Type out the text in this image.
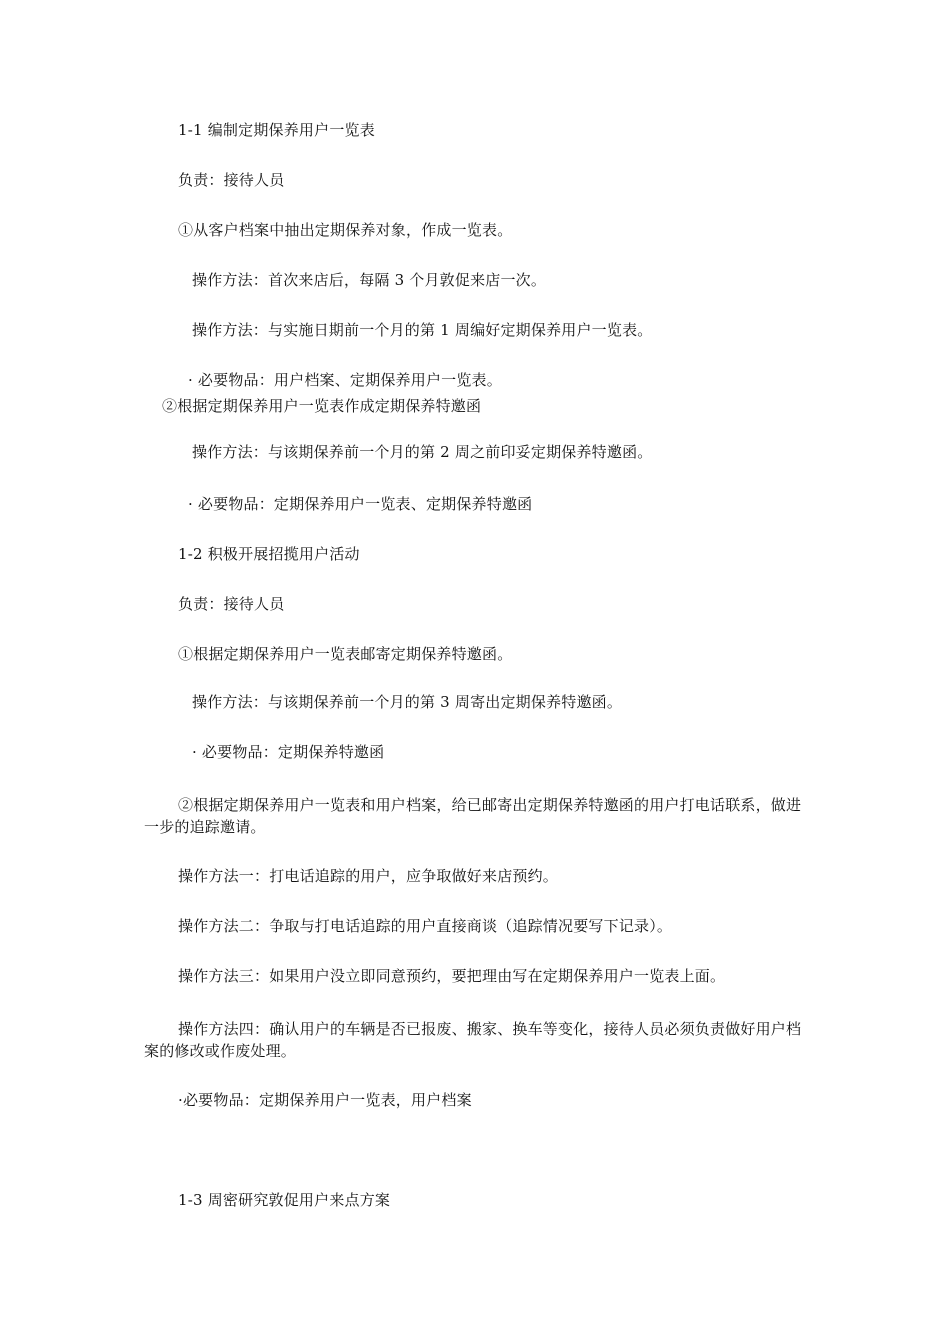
1-1 编制定期保养用户一览表
负责：接待人员
①从客户档案中抽出定期保养对象，作成一览表。
操作方法：首次来店后，每隔 3 个月敦促来店一次。
操作方法：与实施日期前一个月的第 1 周编好定期保养用户一览表。
· 必要物品：用户档案、定期保养用户一览表。
②根据定期保养用户一览表作成定期保养特邀函
操作方法：与该期保养前一个月的第 2 周之前印妥定期保养特邀函。
· 必要物品：定期保养用户一览表、定期保养特邀函
1-2 积极开展招揽用户活动
负责：接待人员
①根据定期保养用户一览表邮寄定期保养特邀函。
操作方法：与该期保养前一个月的第 3 周寄出定期保养特邀函。
· 必要物品：定期保养特邀函
②根据定期保养用户一览表和用户档案，给已邮寄出定期保养特邀函的用户打电话联系，做进一步的追踪邀请。
操作方法一：打电话追踪的用户，应争取做好来店预约。
操作方法二：争取与打电话追踪的用户直接商谈（追踪情况要写下记录）。
操作方法三：如果用户没立即同意预约，要把理由写在定期保养用户一览表上面。
操作方法四：确认用户的车辆是否已报废、搬家、换车等变化，接待人员必须负责做好用户档案的修改或作废处理。
·必要物品：定期保养用户一览表，用户档案
1-3 周密研究敦促用户来点方案
